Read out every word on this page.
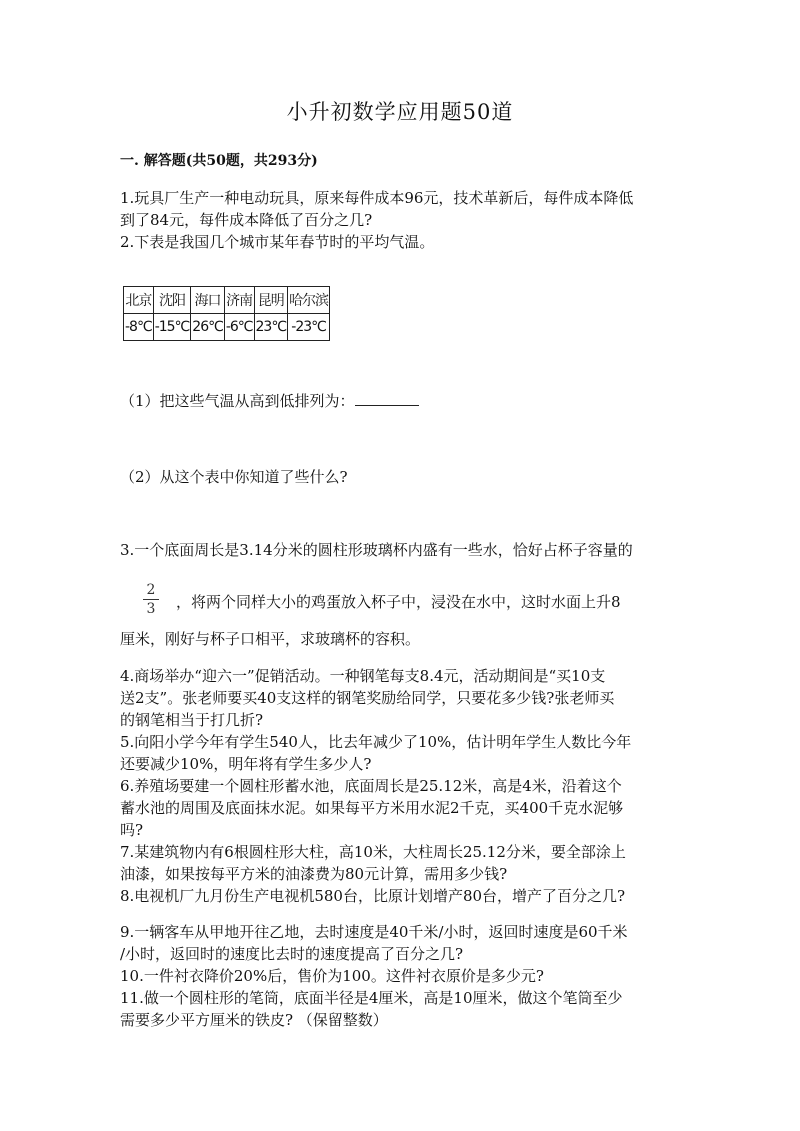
小升初数学应用题50道
一. 解答题(共50题，共293分)
1.玩具厂生产一种电动玩具，原来每件成本96元，技术革新后，每件成本降低
到了84元，每件成本降低了百分之几?
2.下表是我国几个城市某年春节时的平均气温。
北京	沈阳	海口	济南	昆明	哈尔滨
-8℃	-15℃	26℃	-6℃	23℃	-23℃
（1）把这些气温从高到低排列为：
（2）从这个表中你知道了些什么?
3.一个底面周长是3.14分米的圆柱形玻璃杯内盛有一些水，恰好占杯子容量的
2
3 ，将两个同样大小的鸡蛋放入杯子中，浸没在水中，这时水面上升8
厘米，刚好与杯子口相平，求玻璃杯的容积。
4.商场举办“迎六一”促销活动。一种钢笔每支8.4元，活动期间是“买10支
送2支”。张老师要买40支这样的钢笔奖励给同学，只要花多少钱?张老师买
的钢笔相当于打几折?
5.向阳小学今年有学生540人，比去年减少了10%，估计明年学生人数比今年
还要减少10%，明年将有学生多少人?
6.养殖场要建一个圆柱形蓄水池，底面周长是25.12米，高是4米，沿着这个
蓄水池的周围及底面抹水泥。如果每平方米用水泥2千克，买400千克水泥够
吗?
7.某建筑物内有6根圆柱形大柱，高10米，大柱周长25.12分米，要全部涂上
油漆，如果按每平方米的油漆费为80元计算，需用多少钱?
8.电视机厂九月份生产电视机580台，比原计划增产80台，增产了百分之几?
9.一辆客车从甲地开往乙地，去时速度是40千米/小时，返回时速度是60千米
/小时，返回时的速度比去时的速度提高了百分之几?
10.一件衬衣降价20%后，售价为100。这件衬衣原价是多少元?
11.做一个圆柱形的笔筒，底面半径是4厘米，高是10厘米，做这个笔筒至少
需要多少平方厘米的铁皮? （保留整数）
